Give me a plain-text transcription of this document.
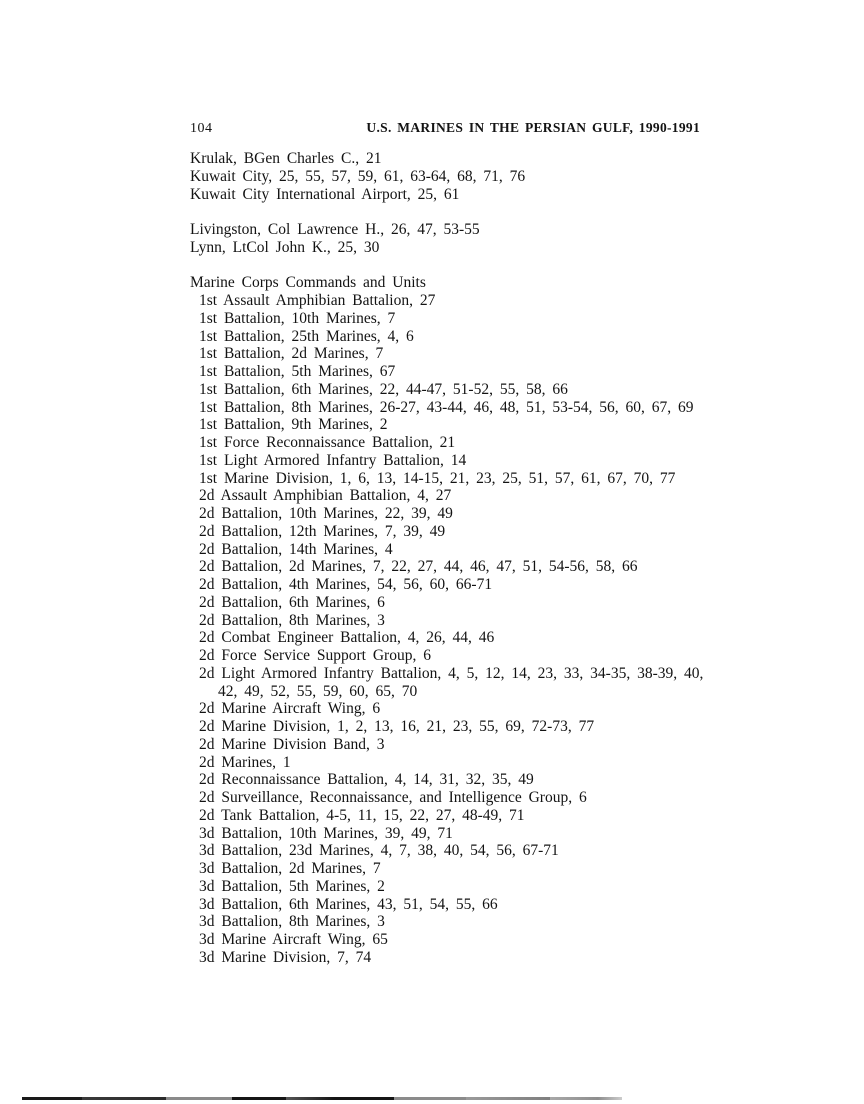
104	U.S. MARINES IN THE PERSIAN GULF, 1990-1991
Krulak, BGen Charles C., 21
Kuwait City, 25, 55, 57, 59, 61, 63-64, 68, 71, 76
Kuwait City International Airport, 25, 61

Livingston, Col Lawrence H., 26, 47, 53-55
Lynn, LtCol John K., 25, 30

Marine Corps Commands and Units
1st Assault Amphibian Battalion, 27
1st Battalion, 10th Marines, 7
1st Battalion, 25th Marines, 4, 6
1st Battalion, 2d Marines, 7
1st Battalion, 5th Marines, 67
1st Battalion, 6th Marines, 22, 44-47, 51-52, 55, 58, 66
1st Battalion, 8th Marines, 26-27, 43-44, 46, 48, 51, 53-54, 56, 60, 67, 69
1st Battalion, 9th Marines, 2
1st Force Reconnaissance Battalion, 21
1st Light Armored Infantry Battalion, 14
1st Marine Division, 1, 6, 13, 14-15, 21, 23, 25, 51, 57, 61, 67, 70, 77
2d Assault Amphibian Battalion, 4, 27
2d Battalion, 10th Marines, 22, 39, 49
2d Battalion, 12th Marines, 7, 39, 49
2d Battalion, 14th Marines, 4
2d Battalion, 2d Marines, 7, 22, 27, 44, 46, 47, 51, 54-56, 58, 66
2d Battalion, 4th Marines, 54, 56, 60, 66-71
2d Battalion, 6th Marines, 6
2d Battalion, 8th Marines, 3
2d Combat Engineer Battalion, 4, 26, 44, 46
2d Force Service Support Group, 6
2d Light Armored Infantry Battalion, 4, 5, 12, 14, 23, 33, 34-35, 38-39, 40,
42, 49, 52, 55, 59, 60, 65, 70
2d Marine Aircraft Wing, 6
2d Marine Division, 1, 2, 13, 16, 21, 23, 55, 69, 72-73, 77
2d Marine Division Band, 3
2d Marines, 1
2d Reconnaissance Battalion, 4, 14, 31, 32, 35, 49
2d Surveillance, Reconnaissance, and Intelligence Group, 6
2d Tank Battalion, 4-5, 11, 15, 22, 27, 48-49, 71
3d Battalion, 10th Marines, 39, 49, 71
3d Battalion, 23d Marines, 4, 7, 38, 40, 54, 56, 67-71
3d Battalion, 2d Marines, 7
3d Battalion, 5th Marines, 2
3d Battalion, 6th Marines, 43, 51, 54, 55, 66
3d Battalion, 8th Marines, 3
3d Marine Aircraft Wing, 65
3d Marine Division, 7, 74
